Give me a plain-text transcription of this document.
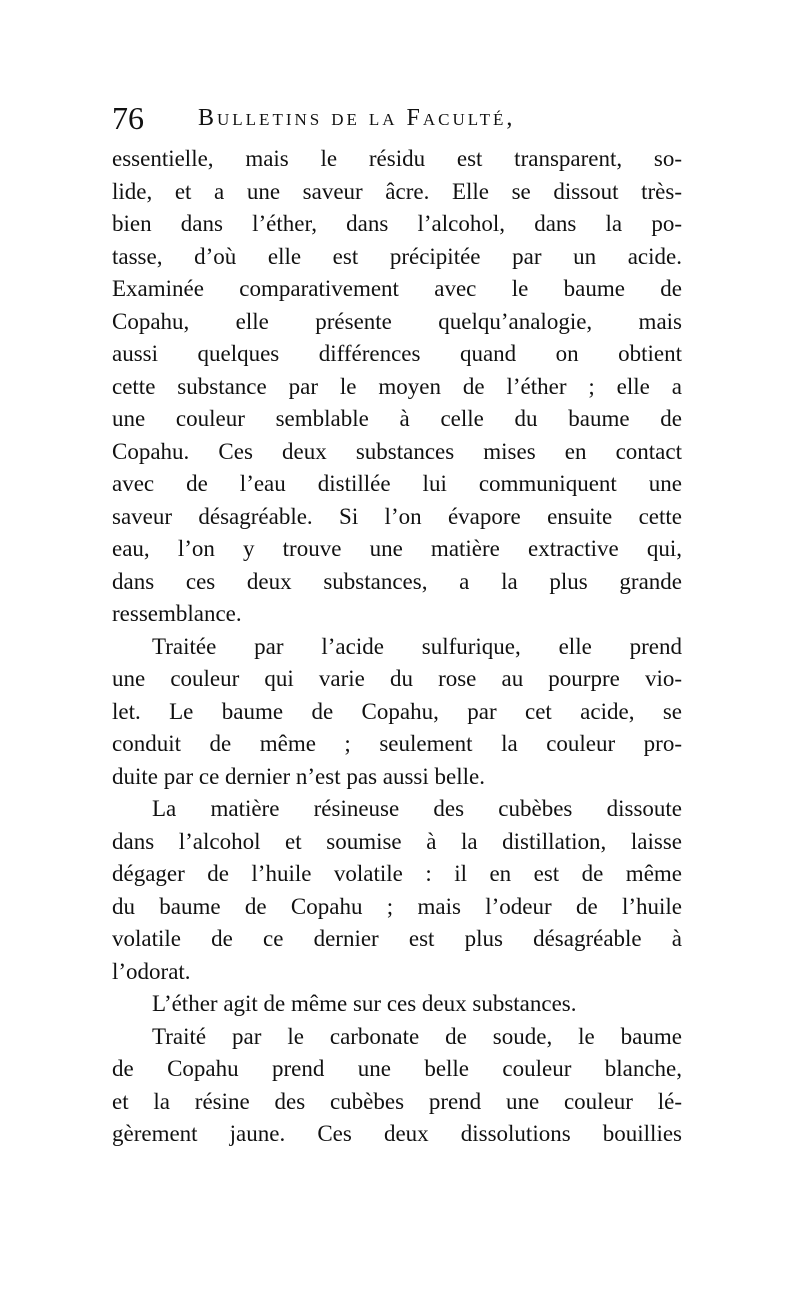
76 Bulletins de la Faculté,
essentielle, mais le résidu est transparent, so-
lide, et a une saveur âcre. Elle se dissout très-
bien dans l’éther, dans l’alcohol, dans la po-
tasse, d’où elle est précipitée par un acide.
Examinée comparativement avec le baume de
Copahu, elle présente quelqu’analogie, mais
aussi quelques différences quand on obtient
cette substance par le moyen de l’éther ; elle a
une couleur semblable à celle du baume de
Copahu. Ces deux substances mises en contact
avec de l’eau distillée lui communiquent une
saveur désagréable. Si l’on évapore ensuite cette
eau, l’on y trouve une matière extractive qui,
dans ces deux substances, a la plus grande
ressemblance.
Traitée par l’acide sulfurique, elle prend
une couleur qui varie du rose au pourpre vio-
let. Le baume de Copahu, par cet acide, se
conduit de même ; seulement la couleur pro-
duite par ce dernier n’est pas aussi belle.
La matière résineuse des cubèbes dissoute
dans l’alcohol et soumise à la distillation, laisse
dégager de l’huile volatile : il en est de même
du baume de Copahu ; mais l’odeur de l’huile
volatile de ce dernier est plus désagréable à
l’odorat.
L’éther agit de même sur ces deux substances.
Traité par le carbonate de soude, le baume
de Copahu prend une belle couleur blanche,
et la résine des cubèbes prend une couleur lé-
gèrement jaune. Ces deux dissolutions bouillies
